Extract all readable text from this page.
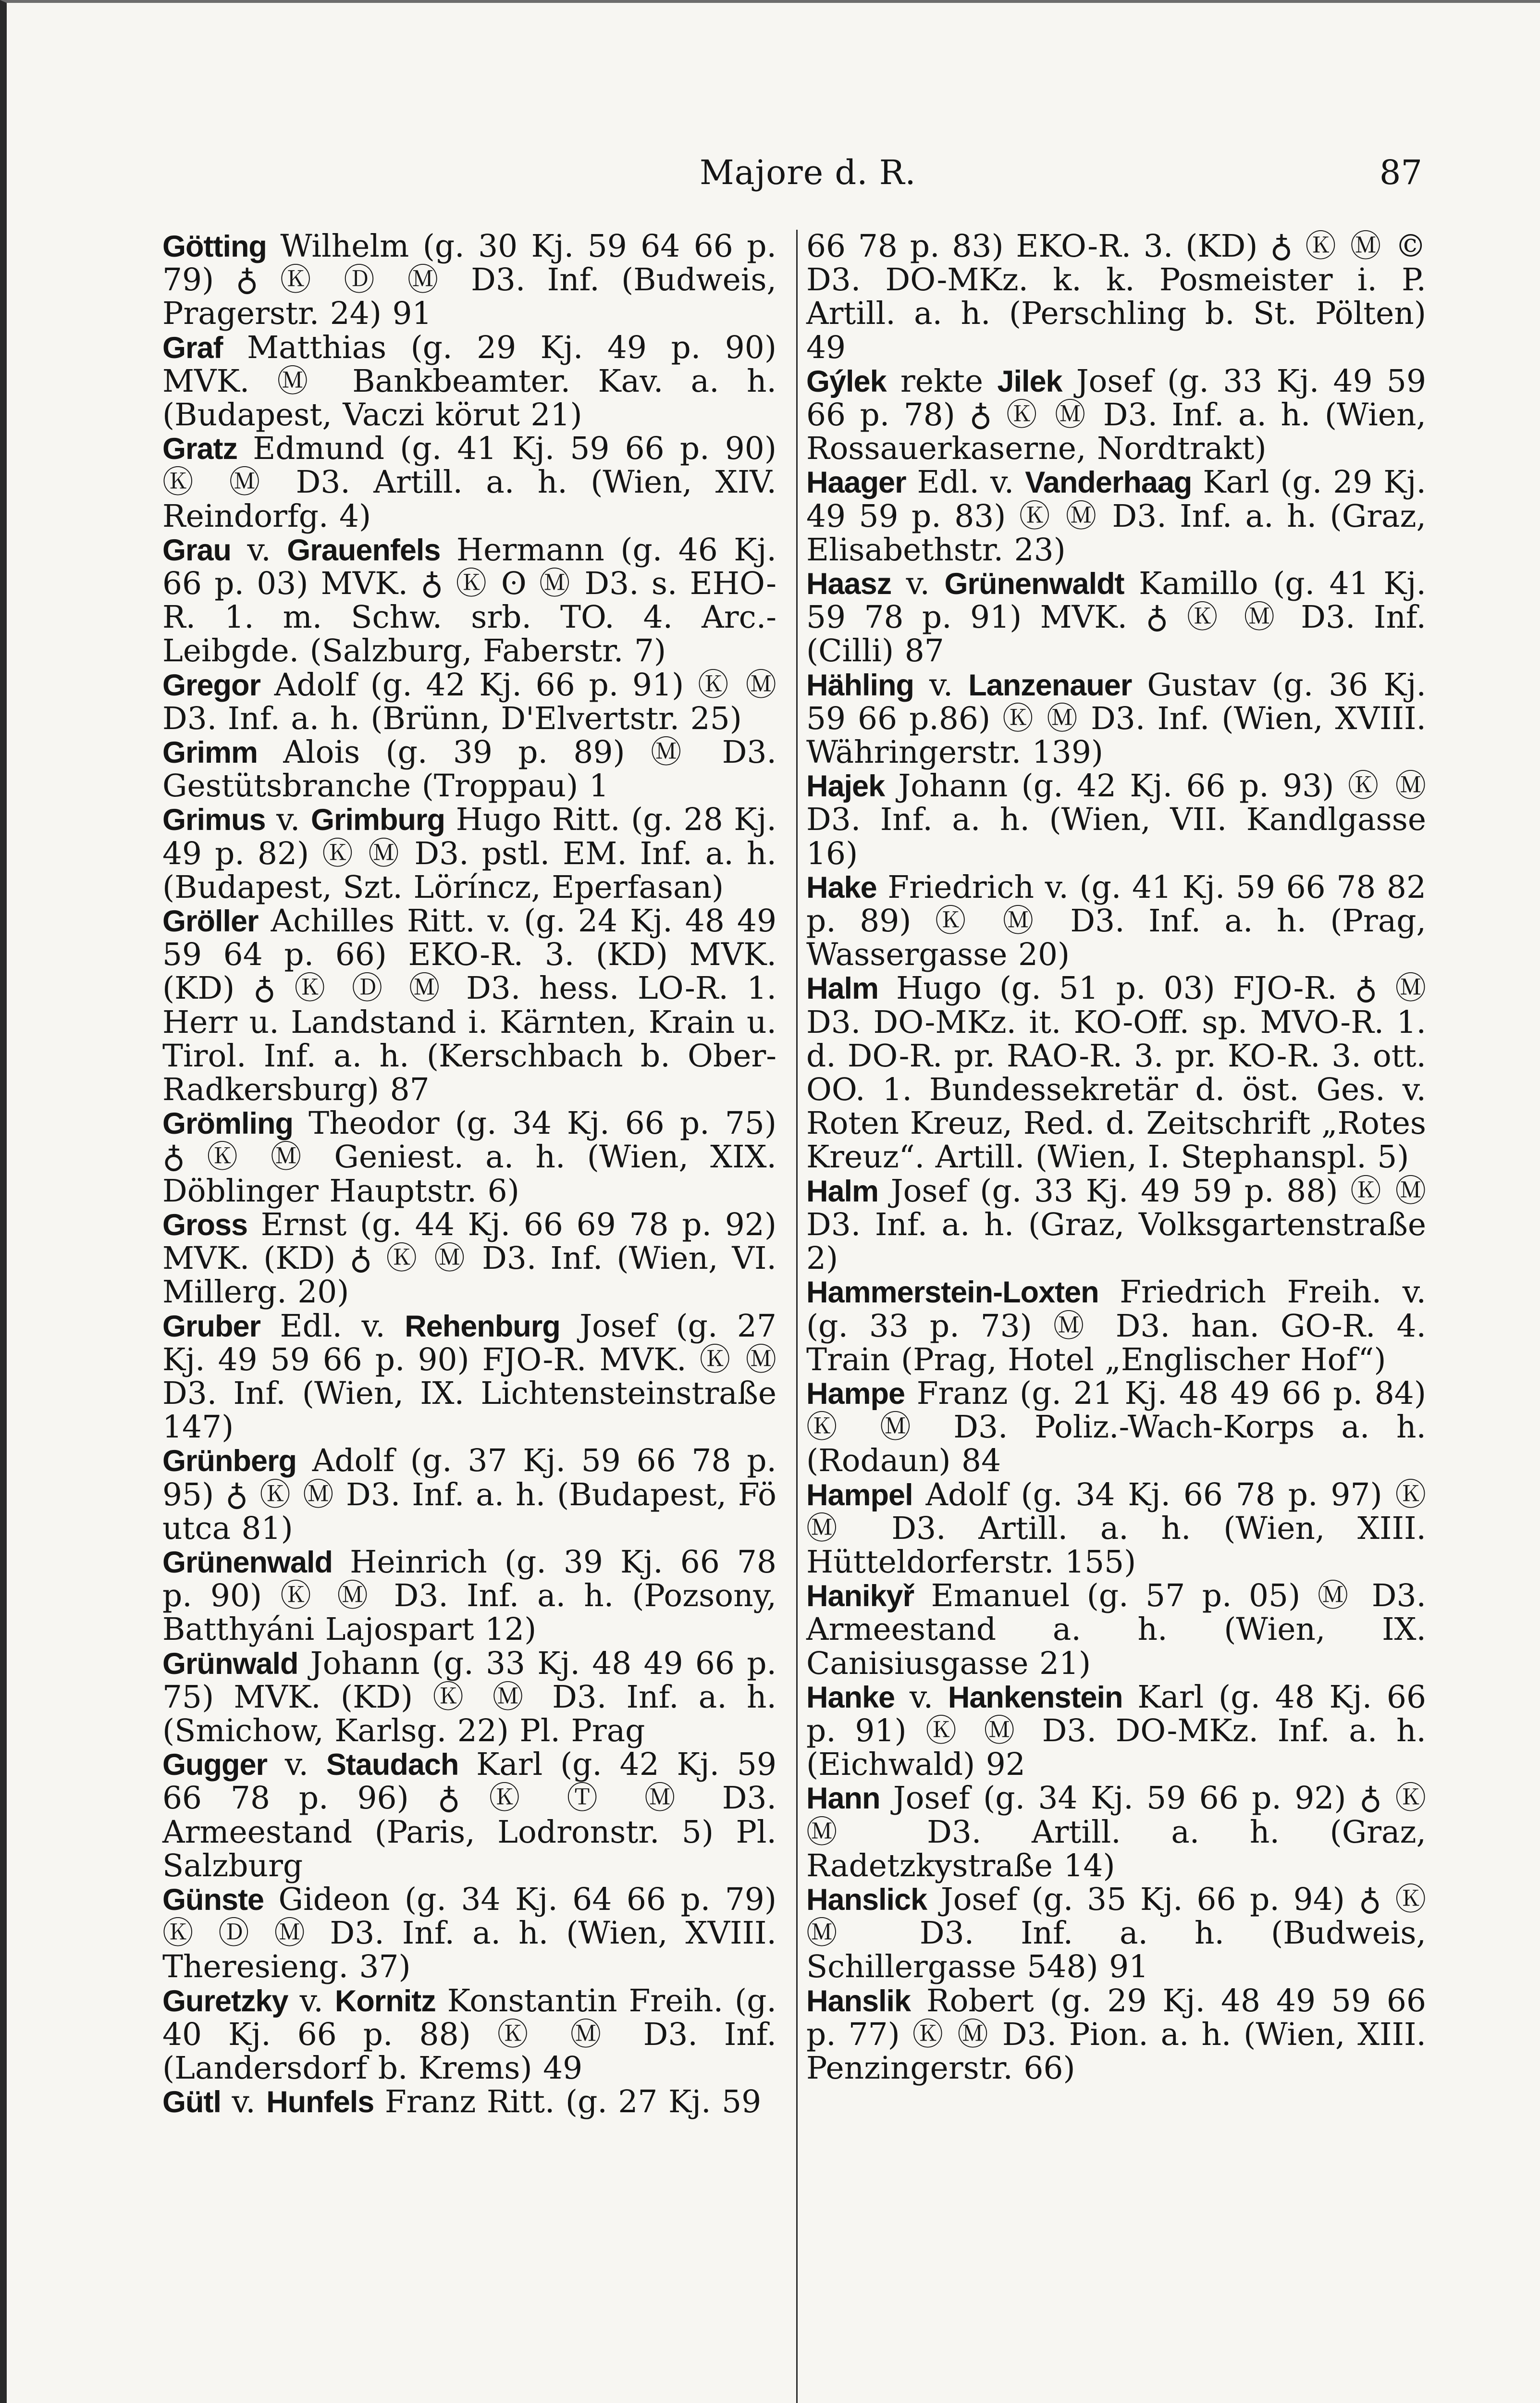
Majore d. R.	87

Götting Wilhelm (g. 30 Kj. 59 64 66 p. 79) ♁ Ⓚ Ⓓ Ⓜ D3. Inf. (Budweis, Pragerstr. 24) 91

Graf Matthias (g. 29 Kj. 49 p. 90) MVK. Ⓜ Bankbeamter. Kav. a. h. (Budapest, Vaczi körut 21)

Gratz Edmund (g. 41 Kj. 59 66 p. 90) Ⓚ Ⓜ D3. Artill. a. h. (Wien, XIV. Reindorfg. 4)

Grau v. Grauenfels Hermann (g. 46 Kj. 66 p. 03) MVK. ♁ Ⓚ ʘ Ⓜ D3. s. EHO-R. 1. m. Schw. srb. TO. 4. Arc.-Leibgde. (Salzburg, Faberstr. 7)

Gregor Adolf (g. 42 Kj. 66 p. 91) Ⓚ Ⓜ D3. Inf. a. h. (Brünn, D'Elvertstr. 25)

Grimm Alois (g. 39 p. 89) Ⓜ D3. Gestütsbranche (Troppau) 1

Grimus v. Grimburg Hugo Ritt. (g. 28 Kj. 49 p. 82) Ⓚ Ⓜ D3. pstl. EM. Inf. a. h. (Budapest, Szt. Löríncz, Eperfasan)

Gröller Achilles Ritt. v. (g. 24 Kj. 48 49 59 64 p. 66) EKO-R. 3. (KD) MVK. (KD) ♁ Ⓚ Ⓓ Ⓜ D3. hess. LO-R. 1. Herr u. Landstand i. Kärnten, Krain u. Tirol. Inf. a. h. (Kerschbach b. Ober-Radkersburg) 87

Grömling Theodor (g. 34 Kj. 66 p. 75) ♁ Ⓚ Ⓜ Geniest. a. h. (Wien, XIX. Döblinger Hauptstr. 6)

Gross Ernst (g. 44 Kj. 66 69 78 p. 92) MVK. (KD) ♁ Ⓚ Ⓜ D3. Inf. (Wien, VI. Millerg. 20)

Gruber Edl. v. Rehenburg Josef (g. 27 Kj. 49 59 66 p. 90) FJO-R. MVK. Ⓚ Ⓜ D3. Inf. (Wien, IX. Lichtensteinstraße 147)

Grünberg Adolf (g. 37 Kj. 59 66 78 p. 95) ♁ Ⓚ Ⓜ D3. Inf. a. h. (Budapest, Fö utca 81)

Grünenwald Heinrich (g. 39 Kj. 66 78 p. 90) Ⓚ Ⓜ D3. Inf. a. h. (Pozsony, Batthyáni Lajospart 12)

Grünwald Johann (g. 33 Kj. 48 49 66 p. 75) MVK. (KD) Ⓚ Ⓜ D3. Inf. a. h. (Smichow, Karlsg. 22) Pl. Prag

Gugger v. Staudach Karl (g. 42 Kj. 59 66 78 p. 96) ♁ Ⓚ Ⓣ Ⓜ D3. Armeestand (Paris, Lodronstr. 5) Pl. Salzburg

Günste Gideon (g. 34 Kj. 64 66 p. 79) Ⓚ Ⓓ Ⓜ D3. Inf. a. h. (Wien, XVIII. Theresieng. 37)

Guretzky v. Kornitz Konstantin Freih. (g. 40 Kj. 66 p. 88) Ⓚ Ⓜ D3. Inf. (Landersdorf b. Krems) 49

Gütl v. Hunfels Franz Ritt. (g. 27 Kj. 59

66 78 p. 83) EKO-R. 3. (KD) ♁ Ⓚ Ⓜ © D3. DO-MKz. k. k. Posmeister i. P. Artill. a. h. (Perschling b. St. Pölten) 49

Gýlek rekte Jilek Josef (g. 33 Kj. 49 59 66 p. 78) ♁ Ⓚ Ⓜ D3. Inf. a. h. (Wien, Rossauerkaserne, Nordtrakt)

Haager Edl. v. Vanderhaag Karl (g. 29 Kj. 49 59 p. 83) Ⓚ Ⓜ D3. Inf. a. h. (Graz, Elisabethstr. 23)

Haasz v. Grünenwaldt Kamillo (g. 41 Kj. 59 78 p. 91) MVK. ♁ Ⓚ Ⓜ D3. Inf. (Cilli) 87

Hähling v. Lanzenauer Gustav (g. 36 Kj. 59 66 p.86) Ⓚ Ⓜ D3. Inf. (Wien, XVIII. Währingerstr. 139)

Hajek Johann (g. 42 Kj. 66 p. 93) Ⓚ Ⓜ D3. Inf. a. h. (Wien, VII. Kandlgasse 16)

Hake Friedrich v. (g. 41 Kj. 59 66 78 82 p. 89) Ⓚ Ⓜ D3. Inf. a. h. (Prag, Wassergasse 20)

Halm Hugo (g. 51 p. 03) FJO-R. ♁ Ⓜ D3. DO-MKz. it. KO-Off. sp. MVO-R. 1. d. DO-R. pr. RAO-R. 3. pr. KO-R. 3. ott. OO. 1. Bundessekretär d. öst. Ges. v. Roten Kreuz, Red. d. Zeitschrift „Rotes Kreuz“. Artill. (Wien, I. Stephanspl. 5)

Halm Josef (g. 33 Kj. 49 59 p. 88) Ⓚ Ⓜ D3. Inf. a. h. (Graz, Volksgartenstraße 2)

Hammerstein-Loxten Friedrich Freih. v. (g. 33 p. 73) Ⓜ D3. han. GO-R. 4. Train (Prag, Hotel „Englischer Hof“)

Hampe Franz (g. 21 Kj. 48 49 66 p. 84) Ⓚ Ⓜ D3. Poliz.-Wach-Korps a. h. (Rodaun) 84

Hampel Adolf (g. 34 Kj. 66 78 p. 97) Ⓚ Ⓜ D3. Artill. a. h. (Wien, XIII. Hütteldorferstr. 155)

Hanikyř Emanuel (g. 57 p. 05) Ⓜ D3. Armeestand a. h. (Wien, IX. Canisiusgasse 21)

Hanke v. Hankenstein Karl (g. 48 Kj. 66 p. 91) Ⓚ Ⓜ D3. DO-MKz. Inf. a. h. (Eichwald) 92

Hann Josef (g. 34 Kj. 59 66 p. 92) ♁ Ⓚ Ⓜ D3. Artill. a. h. (Graz, Radetzkystraße 14)

Hanslick Josef (g. 35 Kj. 66 p. 94) ♁ Ⓚ Ⓜ D3. Inf. a. h. (Budweis, Schillergasse 548) 91

Hanslik Robert (g. 29 Kj. 48 49 59 66 p. 77) Ⓚ Ⓜ D3. Pion. a. h. (Wien, XIII. Penzingerstr. 66)
